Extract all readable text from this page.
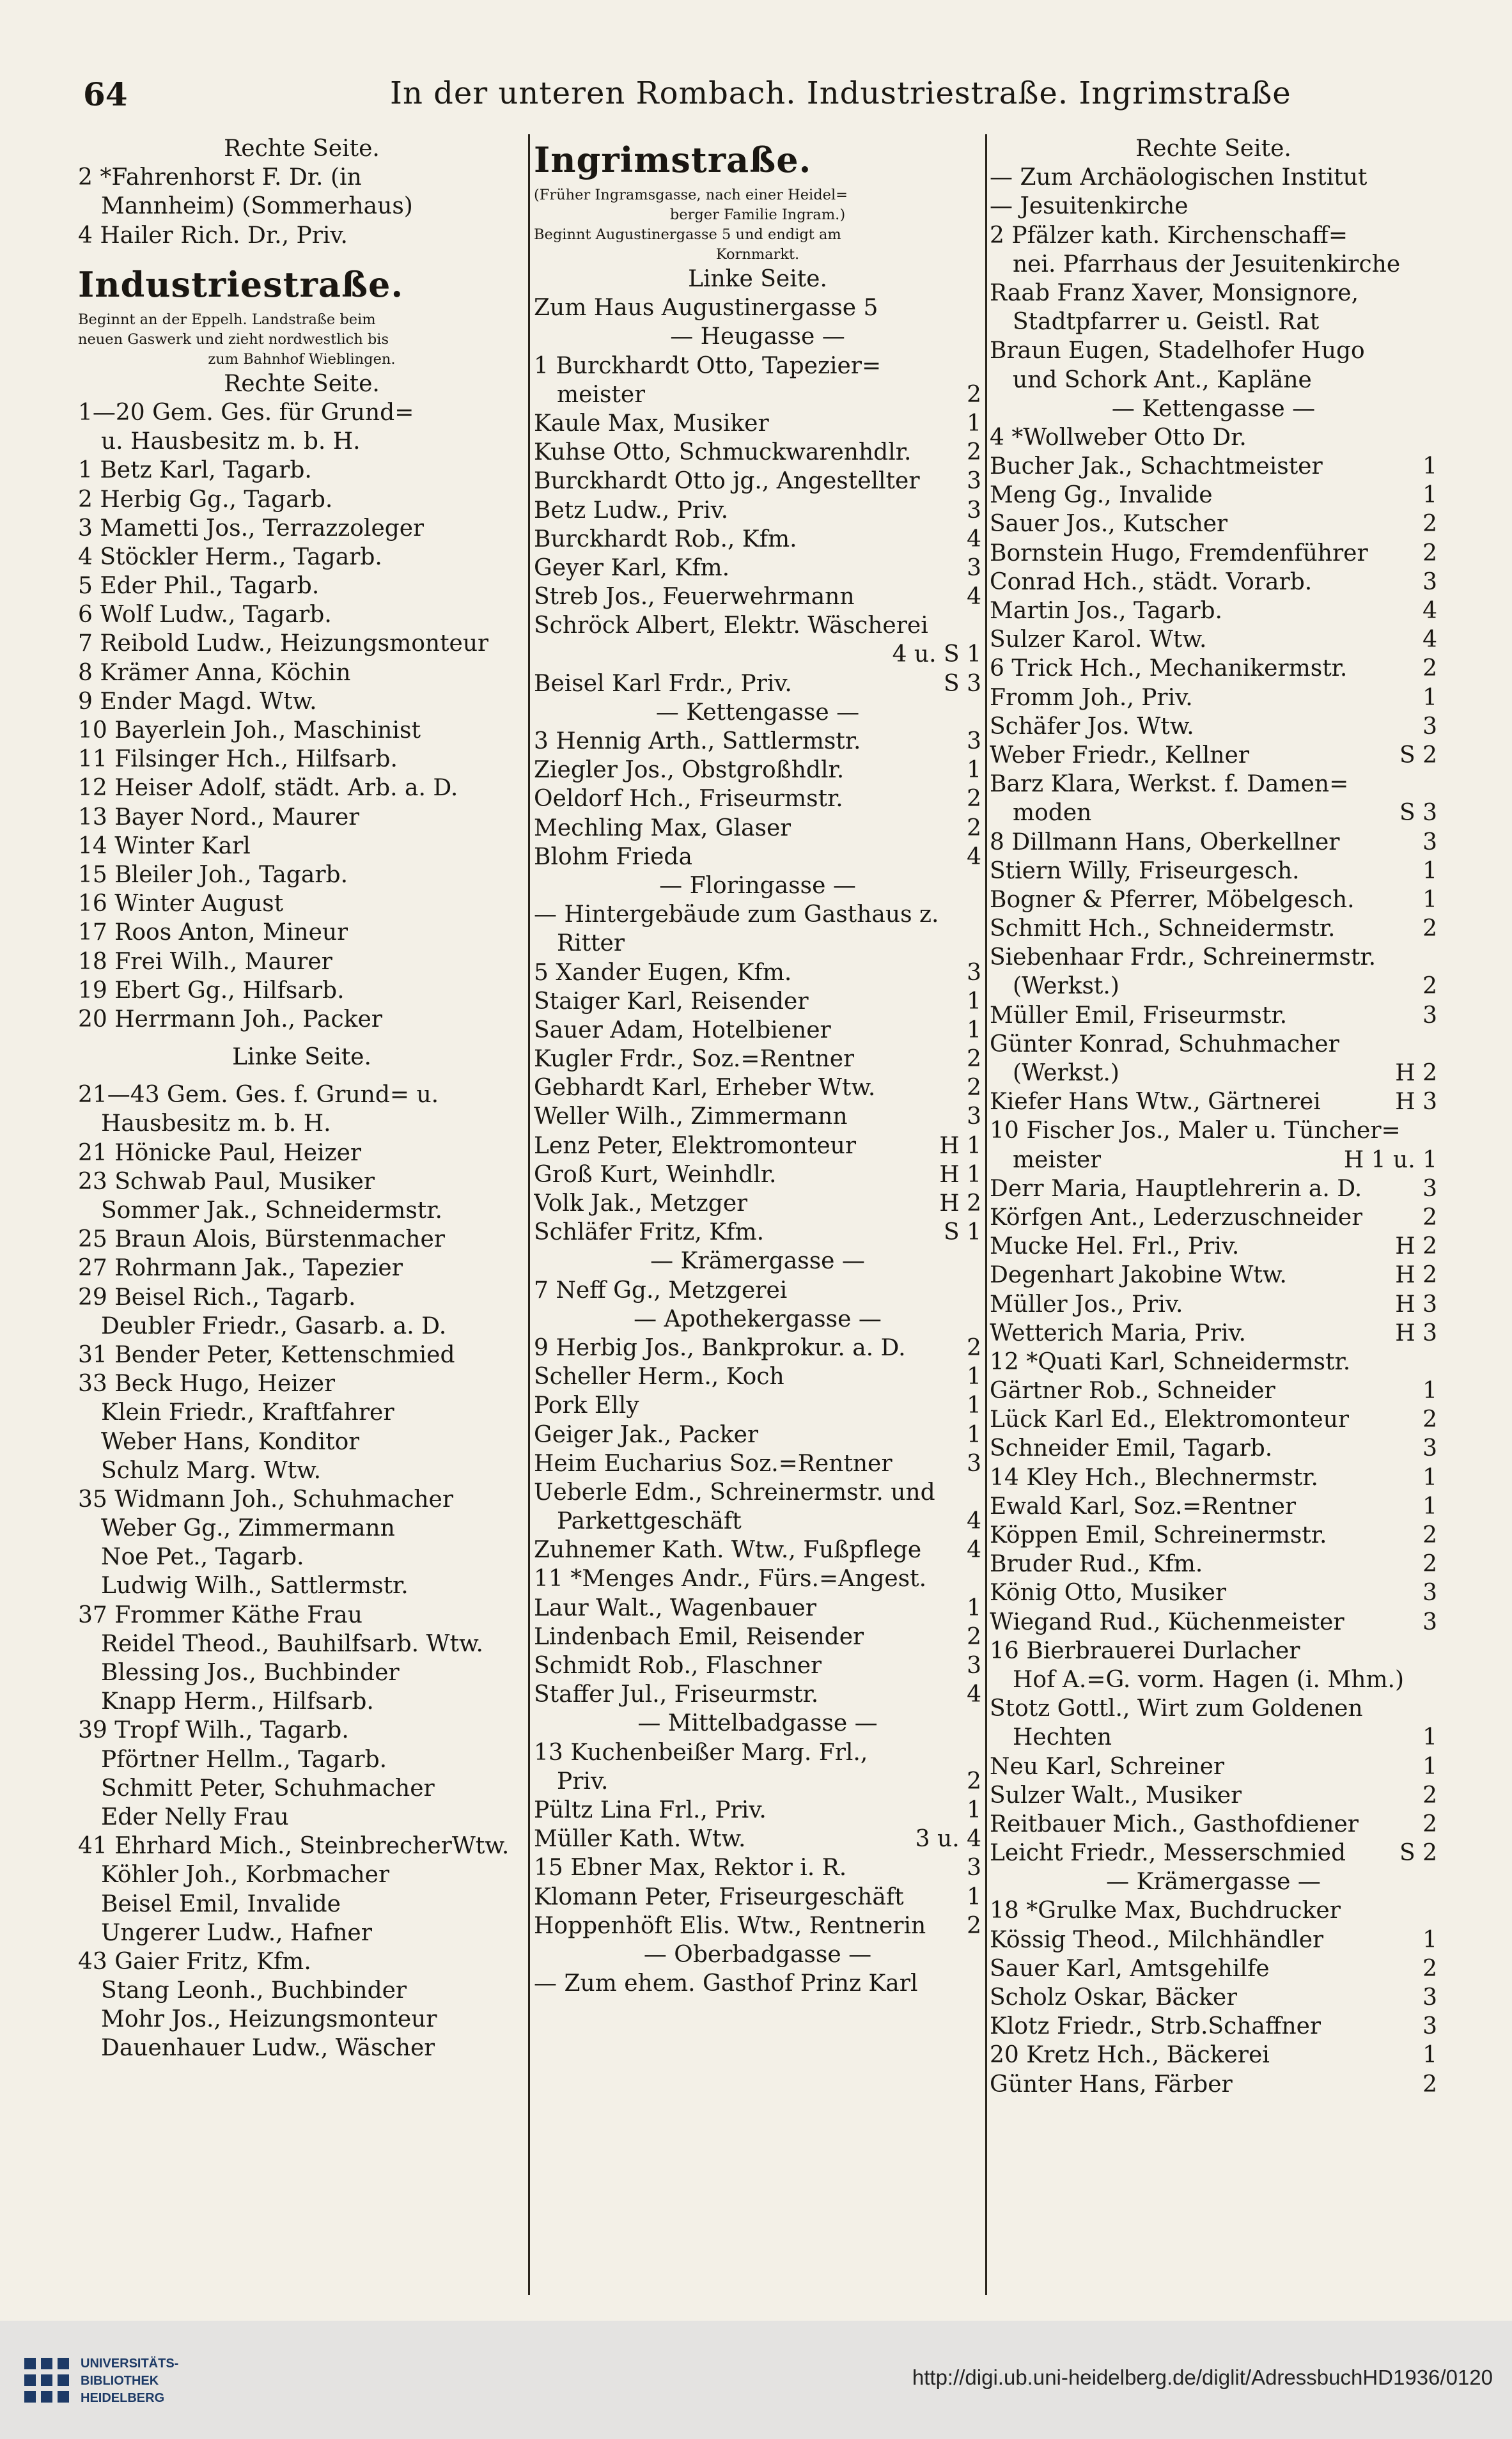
64	In der unteren Rombach. Industriestraße. Ingrimstraße
Rechte Seite.
2 *Fahrenhorst F. Dr. (in
Mannheim) (Sommerhaus)
4 Hailer Rich. Dr., Priv.
Industriestraße.
Beginnt an der Eppelh. Landstraße beim
neuen Gaswerk und zieht nordwestlich bis
zum Bahnhof Wieblingen.
Rechte Seite.
1—20 Gem. Ges. für Grund=
u. Hausbesitz m. b. H.
1 Betz Karl, Tagarb.
2 Herbig Gg., Tagarb.
3 Mametti Jos., Terrazzoleger
4 Stöckler Herm., Tagarb.
5 Eder Phil., Tagarb.
6 Wolf Ludw., Tagarb.
7 Reibold Ludw., Heizungsmonteur
8 Krämer Anna, Köchin
9 Ender Magd. Wtw.
10 Bayerlein Joh., Maschinist
11 Filsinger Hch., Hilfsarb.
12 Heiser Adolf, städt. Arb. a. D.
13 Bayer Nord., Maurer
14 Winter Karl
15 Bleiler Joh., Tagarb.
16 Winter August
17 Roos Anton, Mineur
18 Frei Wilh., Maurer
19 Ebert Gg., Hilfsarb.
20 Herrmann Joh., Packer
Linke Seite.
21—43 Gem. Ges. f. Grund= u.
Hausbesitz m. b. H.
21 Hönicke Paul, Heizer
23 Schwab Paul, Musiker
Sommer Jak., Schneidermstr.
25 Braun Alois, Bürstenmacher
27 Rohrmann Jak., Tapezier
29 Beisel Rich., Tagarb.
Deubler Friedr., Gasarb. a. D.
31 Bender Peter, Kettenschmied
33 Beck Hugo, Heizer
Klein Friedr., Kraftfahrer
Weber Hans, Konditor
Schulz Marg. Wtw.
35 Widmann Joh., Schuhmacher
Weber Gg., Zimmermann
Noe Pet., Tagarb.
Ludwig Wilh., Sattlermstr.
37 Frommer Käthe Frau
Reidel Theod., Bauhilfsarb. Wtw.
Blessing Jos., Buchbinder
Knapp Herm., Hilfsarb.
39 Tropf Wilh., Tagarb.
Pförtner Hellm., Tagarb.
Schmitt Peter, Schuhmacher
Eder Nelly Frau
41 Ehrhard Mich., SteinbrecherWtw.
Köhler Joh., Korbmacher
Beisel Emil, Invalide
Ungerer Ludw., Hafner
43 Gaier Fritz, Kfm.
Stang Leonh., Buchbinder
Mohr Jos., Heizungsmonteur
Dauenhauer Ludw., Wäscher
Ingrimstraße.
(Früher Ingramsgasse, nach einer Heidel=
berger Familie Ingram.)
Beginnt Augustinergasse 5 und endigt am
Kornmarkt.
Linke Seite.
Zum Haus Augustinergasse 5
— Heugasse —
1 Burckhardt Otto, Tapezier=
meister	2
Kaule Max, Musiker	1
Kuhse Otto, Schmuckwarenhdlr. 2
Burckhardt Otto jg., Angestellter 3
Betz Ludw., Priv.	3
Burckhardt Rob., Kfm.	4
Geyer Karl, Kfm.	3
Streb Jos., Feuerwehrmann	4
Schröck Albert, Elektr. Wäscherei
4 u. S 1
Beisel Karl Frdr., Priv.	S 3
— Kettengasse —
3 Hennig Arth., Sattlermstr.	3
Ziegler Jos., Obstgroßhdlr.	1
Oeldorf Hch., Friseurmstr.	2
Mechling Max, Glaser	2
Blohm Frieda	4
— Floringasse —
— Hintergebäude zum Gasthaus z.
Ritter
5 Xander Eugen, Kfm.	3
Staiger Karl, Reisender	1
Sauer Adam, Hotelbiener	1
Kugler Frdr., Soz.=Rentner	2
Gebhardt Karl, Erheber Wtw.	2
Weller Wilh., Zimmermann	3
Lenz Peter, Elektromonteur	H 1
Groß Kurt, Weinhdlr.	H 1
Volk Jak., Metzger	H 2
Schläfer Fritz, Kfm.	S 1
— Krämergasse —
7 Neff Gg., Metzgerei
— Apothekergasse —
9 Herbig Jos., Bankprokur. a. D.	2
Scheller Herm., Koch	1
Pork Elly	1
Geiger Jak., Packer	1
Heim Eucharius Soz.=Rentner	3
Ueberle Edm., Schreinermstr. und
Parkettgeschäft	4
Zuhnemer Kath. Wtw., Fußpflege 4
11 *Menges Andr., Fürs.=Angest.
Laur Walt., Wagenbauer	1
Lindenbach Emil, Reisender	2
Schmidt Rob., Flaschner	3
Staffer Jul., Friseurmstr.	4
— Mittelbadgasse —
13 Kuchenbeißer Marg. Frl.,
Priv.	2
Pültz Lina Frl., Priv.	1
Müller Kath. Wtw.	3 u. 4
15 Ebner Max, Rektor i. R.	3
Klomann Peter, Friseurgeschäft	1
Hoppenhöft Elis. Wtw., Rentnerin 2
— Oberbadgasse —
— Zum ehem. Gasthof Prinz Karl
Rechte Seite.
— Zum Archäologischen Institut
— Jesuitenkirche
2 Pfälzer kath. Kirchenschaff=
nei. Pfarrhaus der Jesuitenkirche
Raab Franz Xaver, Monsignore,
Stadtpfarrer u. Geistl. Rat
Braun Eugen, Stadelhofer Hugo
und Schork Ant., Kapläne
— Kettengasse —
4 *Wollweber Otto Dr.
Bucher Jak., Schachtmeister	1
Meng Gg., Invalide	1
Sauer Jos., Kutscher	2
Bornstein Hugo, Fremdenführer 2
Conrad Hch., städt. Vorarb.	3
Martin Jos., Tagarb.	4
Sulzer Karol. Wtw.	4
6 Trick Hch., Mechanikermstr.	2
Fromm Joh., Priv.	1
Schäfer Jos. Wtw.	3
Weber Friedr., Kellner	S 2
Barz Klara, Werkst. f. Damen=
moden	S 3
8 Dillmann Hans, Oberkellner	3
Stiern Willy, Friseurgesch.	1
Bogner & Pferrer, Möbelgesch.	1
Schmitt Hch., Schneidermstr.	2
Siebenhaar Frdr., Schreinermstr.
(Werkst.)	2
Müller Emil, Friseurmstr.	3
Günter Konrad, Schuhmacher
(Werkst.)	H 2
Kiefer Hans Wtw., Gärtnerei	H 3
10 Fischer Jos., Maler u. Tüncher=
meister	H 1 u. 1
Derr Maria, Hauptlehrerin a. D.	3
Körfgen Ant., Lederzuschneider	2
Mucke Hel. Frl., Priv.	H 2
Degenhart Jakobine Wtw.	H 2
Müller Jos., Priv.	H 3
Wetterich Maria, Priv.	H 3
12 *Quati Karl, Schneidermstr.
Gärtner Rob., Schneider	1
Lück Karl Ed., Elektromonteur	2
Schneider Emil, Tagarb.	3
14 Kley Hch., Blechnermstr.	1
Ewald Karl, Soz.=Rentner	1
Köppen Emil, Schreinermstr.	2
Bruder Rud., Kfm.	2
König Otto, Musiker	3
Wiegand Rud., Küchenmeister	3
16 Bierbrauerei Durlacher
Hof A.=G. vorm. Hagen (i. Mhm.)
Stotz Gottl., Wirt zum Goldenen
Hechten	1
Neu Karl, Schreiner	1
Sulzer Walt., Musiker	2
Reitbauer Mich., Gasthofdiener	2
Leicht Friedr., Messerschmied S 2
— Krämergasse —
18 *Grulke Max, Buchdrucker
Kössig Theod., Milchhändler	1
Sauer Karl, Amtsgehilfe	2
Scholz Oskar, Bäcker	3
Klotz Friedr., Strb.Schaffner	3
20 Kretz Hch., Bäckerei	1
Günter Hans, Färber	2
UNIVERSITÄTS-
BIBLIOTHEK
HEIDELBERG
http://digi.ub.uni-heidelberg.de/diglit/AdressbuchHD1936/0120
